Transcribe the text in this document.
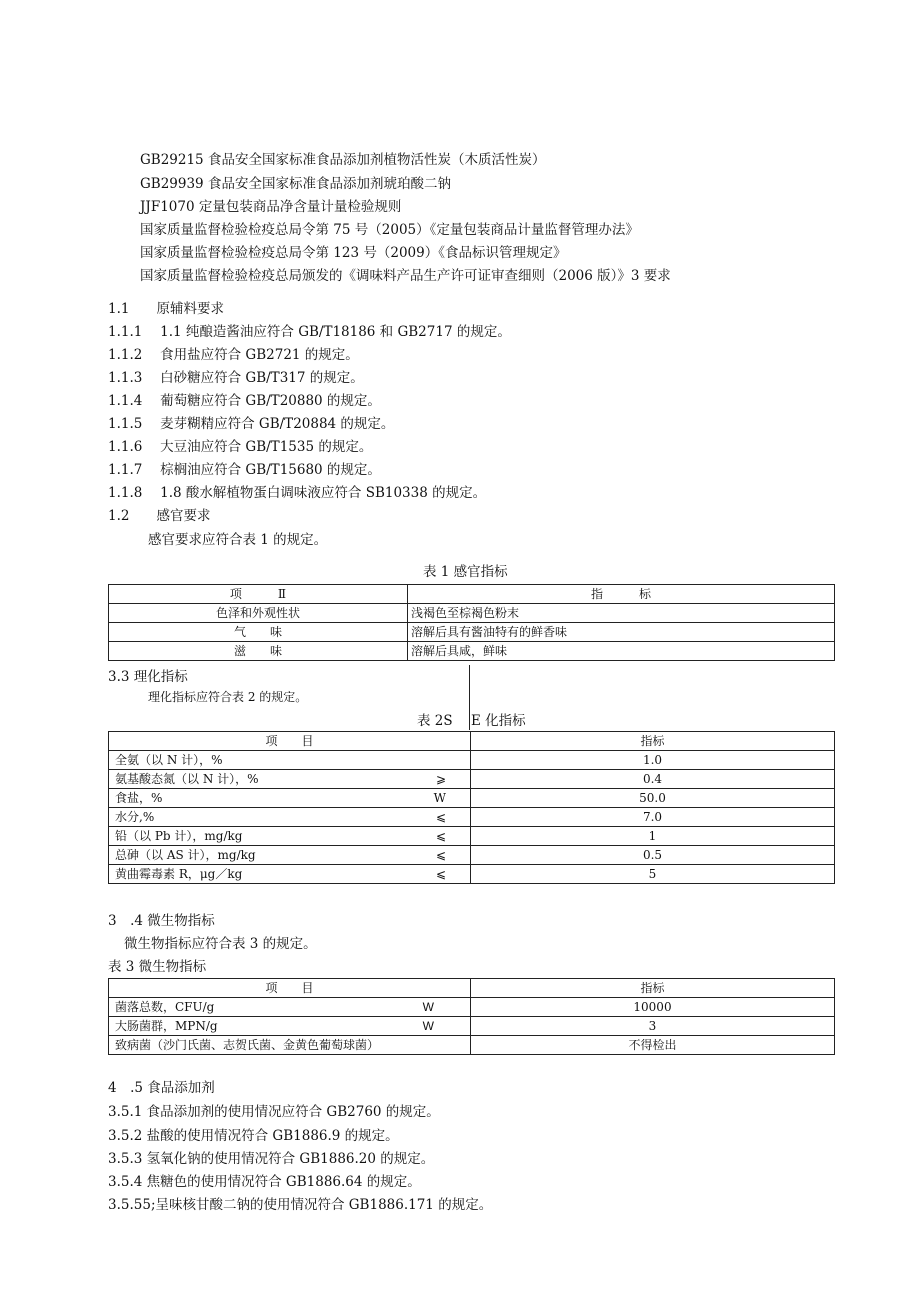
GB29215 食品安全国家标准食品添加剂植物活性炭（木质活性炭）
GB29939 食品安全国家标准食品添加剂琥珀酸二钠
JJF1070 定量包装商品净含量计量检验规则
国家质量监督检验检疫总局令第 75 号（2005）《定量包装商品计量监督管理办法》
国家质量监督检验检疫总局令第 123 号（2009）《食品标识管理规定》
国家质量监督检验检疫总局颁发的《调味料产品生产许可证审查细则（2006 版）》3 要求
1.1　　原辅料要求
1.1.1　 1.1 纯酿造酱油应符合 GB/T18186 和 GB2717 的规定。
1.1.2　 食用盐应符合 GB2721 的规定。
1.1.3　 白砂糖应符合 GB/T317 的规定。
1.1.4　 葡萄糖应符合 GB/T20880 的规定。
1.1.5　 麦芽糊精应符合 GB/T20884 的规定。
1.1.6　 大豆油应符合 GB/T1535 的规定。
1.1.7　 棕榈油应符合 GB/T15680 的规定。
1.1.8　 1.8 酸水解植物蛋白调味液应符合 SB10338 的规定。
1.2　　感官要求
感官要求应符合表 1 的规定。
表 1 感官指标
项　　　Ⅱ	指　　　标
色泽和外观性状	浅褐色至棕褐色粉末
气　　味	溶解后具有酱油特有的鲜香味
滋　　味	溶解后具咸，鲜味
3.3 理化指标
理化指标应符合表 2 的规定。
表 2S E 化指标
项　　目	指标

全氨（以 N 计），%	1.0

氨基酸态氮（以 N 计），% ⩾	0.4

食盐，% W	50.0

水分,% ⩽	7.0

铅（以 Pb 计），mg/kg ⩽	1

总砷（以 AS 计），mg/kg ⩽	0.5

黄曲霉毒素 R，μg／kg ⩽	5
3　.4 微生物指标
微生物指标应符合表 3 的规定。
表 3 微生物指标
项　　目	指标

菌落总数，CFU/g W	10000

大肠菌群，MPN/g W	3

致病菌（沙门氏菌、志贺氏菌、金黄色葡萄球菌）	不得检出
4　.5 食品添加剂
3.5.1 食品添加剂的使用情况应符合 GB2760 的规定。
3.5.2 盐酸的使用情况符合 GB1886.9 的规定。
3.5.3 氢氧化钠的使用情况符合 GB1886.20 的规定。
3.5.4 焦糖色的使用情况符合 GB1886.64 的规定。
3.5.55;呈味核甘酸二钠的使用情况符合 GB1886.171 的规定。
